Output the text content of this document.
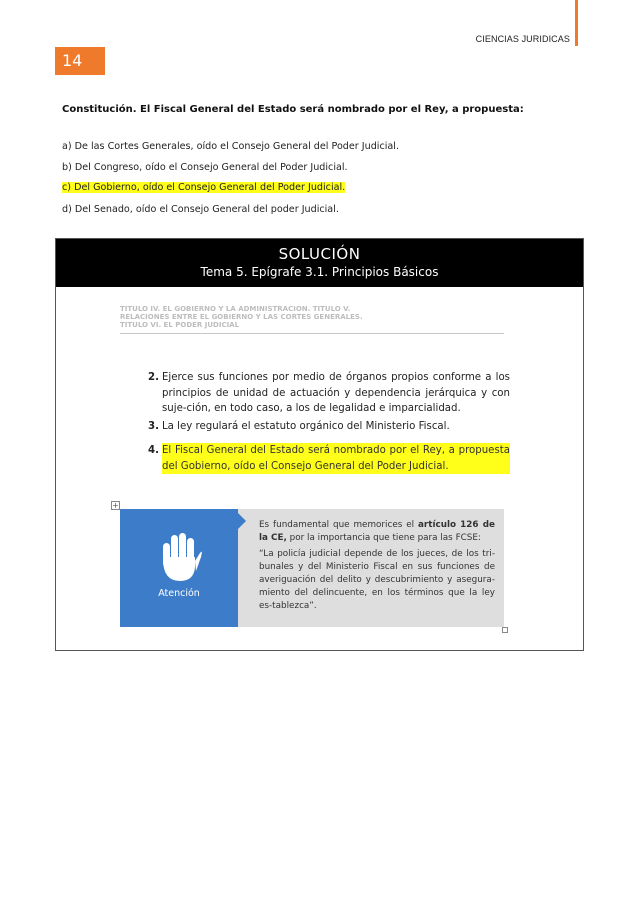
CIENCIAS JURIDICAS
14
Constitución. El Fiscal General del Estado será nombrado por el Rey, a propuesta:
a) De las Cortes Generales, oído el Consejo General del Poder Judicial.
b) Del Congreso, oído el Consejo General del Poder Judicial.
c) Del Gobierno, oído el Consejo General del Poder Judicial.
d) Del Senado, oído el Consejo General del poder Judicial.
SOLUCIÓN
Tema 5. Epígrafe 3.1. Principios Básicos
TITULO IV. EL GOBIERNO Y LA ADMINISTRACION. TITULO V.
RELACIONES ENTRE EL GOBIERNO Y LAS CORTES GENERALES.
TITULO VI. EL PODER JUDICIAL
2. Ejerce sus funciones por medio de órganos propios conforme a los principios de unidad de actuación y dependencia jerárquica y con suje-ción, en todo caso, a los de legalidad e imparcialidad.
3. La ley regulará el estatuto orgánico del Ministerio Fiscal.
4. El Fiscal General del Estado será nombrado por el Rey, a propuesta del Gobierno, oído el Consejo General del Poder Judicial.
+
Atención

Es fundamental que memorices el artículo 126 de la CE, por la importancia que tiene para las FCSE:

“La policía judicial depende de los jueces, de los tri-bunales y del Ministerio Fiscal en sus funciones de averiguación del delito y descubrimiento y asegura-miento del delincuente, en los términos que la ley es-tablezca”.
